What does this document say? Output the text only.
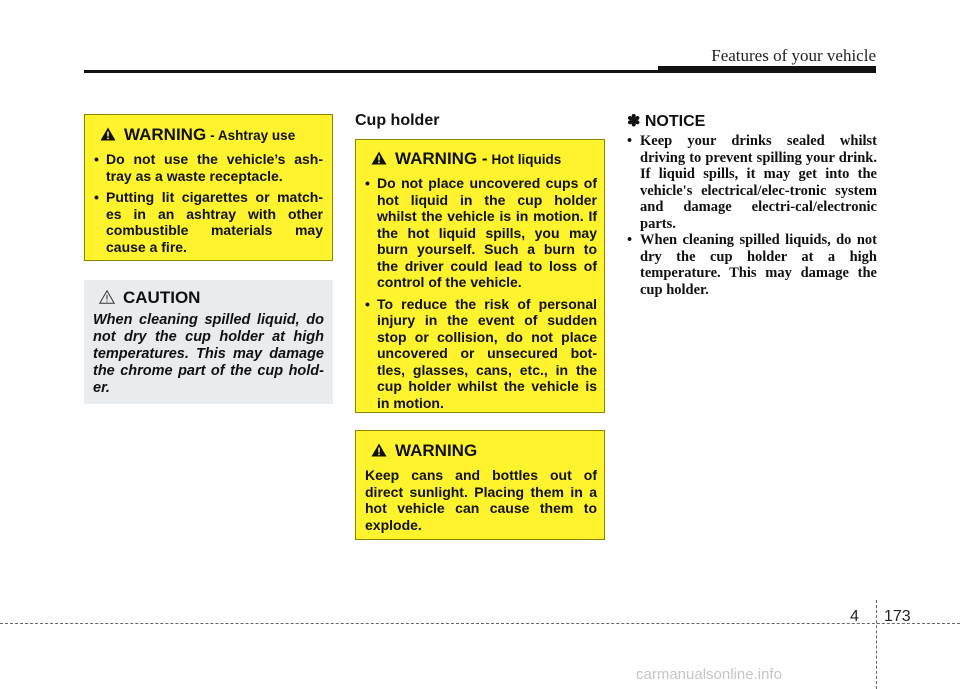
Features of your vehicle
WARNING - Ashtray use
• Do not use the vehicle’s ash-tray as a waste receptacle.
• Putting lit cigarettes or match-es in an ashtray with other combustible materials may cause a fire.
CAUTION
When cleaning spilled liquid, do not dry the cup holder at high temperatures. This may damage the chrome part of the cup hold-er.
Cup holder
WARNING - Hot liquids
• Do not place uncovered cups of hot liquid in the cup holder whilst the vehicle is in motion. If the hot liquid spills, you may burn yourself. Such a burn to the driver could lead to loss of control of the vehicle.
• To reduce the risk of personal injury in the event of sudden stop or collision, do not place uncovered or unsecured bot-tles, glasses, cans, etc., in the cup holder whilst the vehicle is in motion.
WARNING
Keep cans and bottles out of direct sunlight. Placing them in a hot vehicle can cause them to explode.
✽ NOTICE
• Keep your drinks sealed whilst driving to prevent spilling your drink. If liquid spills, it may get into the vehicle's electrical/elec-tronic system and damage electri-cal/electronic parts.
• When cleaning spilled liquids, do not dry the cup holder at a high temperature. This may damage the cup holder.
4 173
carmanualsonline.info
